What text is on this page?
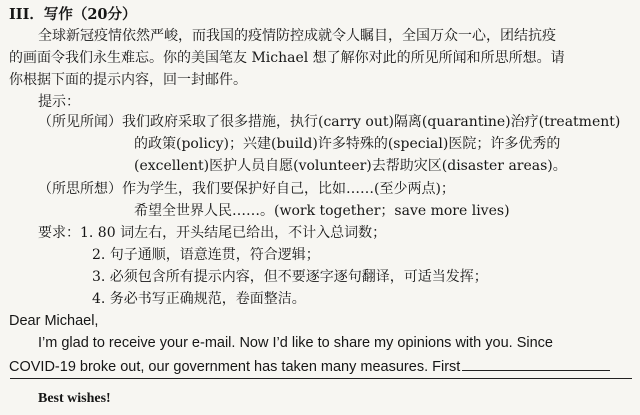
III．写作（20分）
全球新冠疫情依然严峻，而我国的疫情防控成就令人瞩目，全国万众一心，团结抗疫
的画面令我们永生难忘。你的美国笔友 Michael 想了解你对此的所见所闻和所思所想。请
你根据下面的提示内容，回一封邮件。
提示：
（所见所闻）我们政府采取了很多措施，执行(carry out)隔离(quarantine)治疗(treatment)
的政策(policy)；兴建(build)许多特殊的(special)医院；许多优秀的
(excellent)医护人员自愿(volunteer)去帮助灾区(disaster areas)。
（所思所想）作为学生，我们要保护好自己，比如……(至少两点)；
希望全世界人民……。(work together；save more lives)
要求：1. 80 词左右，开头结尾已给出，不计入总词数；
2. 句子通顺，语意连贯，符合逻辑；
3. 必须包含所有提示内容，但不要逐字逐句翻译，可适当发挥；
4. 务必书写正确规范，卷面整洁。
Dear Michael,
I’m glad to receive your e-mail. Now I’d like to share my opinions with you. Since
COVID-19 broke out, our government has taken many measures. First
Best wishes!
